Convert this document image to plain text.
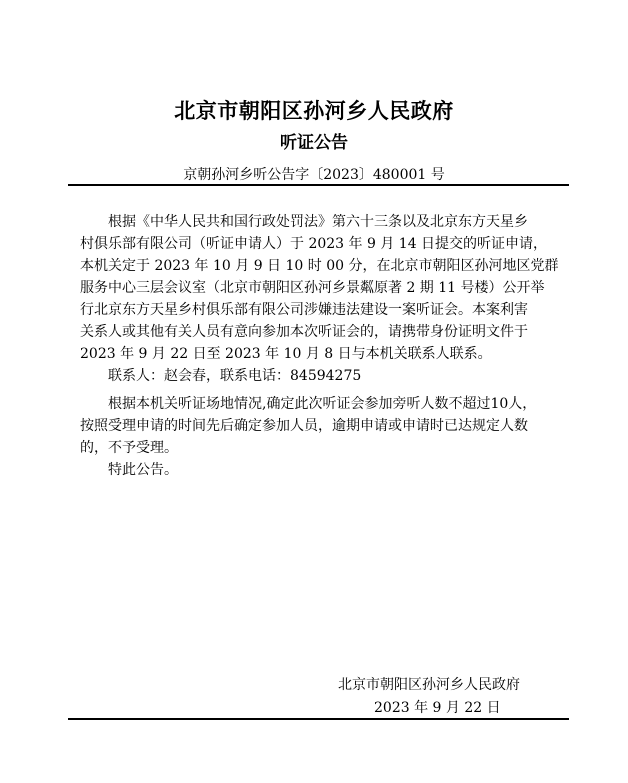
北京市朝阳区孙河乡人民政府
听证公告
京朝孙河乡听公告字〔2023〕480001 号

根据《中华人民共和国行政处罚法》第六十三条以及北京东方天星乡
村俱乐部有限公司（听证申请人）于 2023 年 9 月 14 日提交的听证申请，
本机关定于 2023 年 10 月 9 日 10 时 00 分，在北京市朝阳区孙河地区党群
服务中心三层会议室（北京市朝阳区孙河乡景粼原著 2 期 11 号楼）公开举
行北京东方天星乡村俱乐部有限公司涉嫌违法建设一案听证会。本案利害
关系人或其他有关人员有意向参加本次听证会的，请携带身份证明文件于
2023 年 9 月 22 日至 2023 年 10 月 8 日与本机关联系人联系。

联系人：赵会春，联系电话：84594275

根据本机关听证场地情况,确定此次听证会参加旁听人数不超过10人，
按照受理申请的时间先后确定参加人员，逾期申请或申请时已达规定人数
的，不予受理。

特此公告。

北京市朝阳区孙河乡人民政府
2023 年 9 月 22 日
